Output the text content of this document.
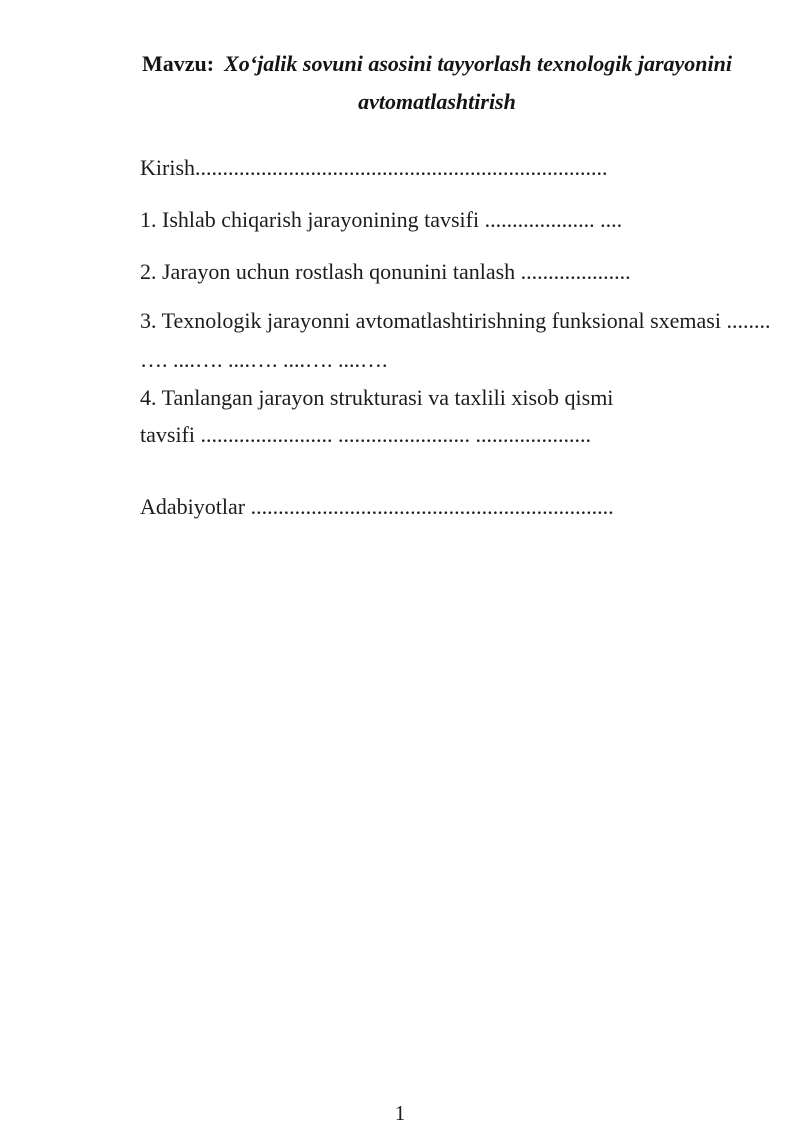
Mavzu: Xo‘jalik sovuni asosini tayyorlash texnologik jarayonini
avtomatlashtirish

Kirish...........................................................................

1. Ishlab chiqarish jarayonining tavsifi .................... ....

2. Jarayon uchun rostlash qonunini tanlash ....................

3. Texnologik jarayonni avtomatlashtirishning funksional sxemasi ........
…. ....…. ....…. ....…. ....….

4. Tanlangan jarayon strukturasi va taxlili xisob qismi
tavsifi ........................ ........................ .....................

Adabiyotlar ..................................................................

1
